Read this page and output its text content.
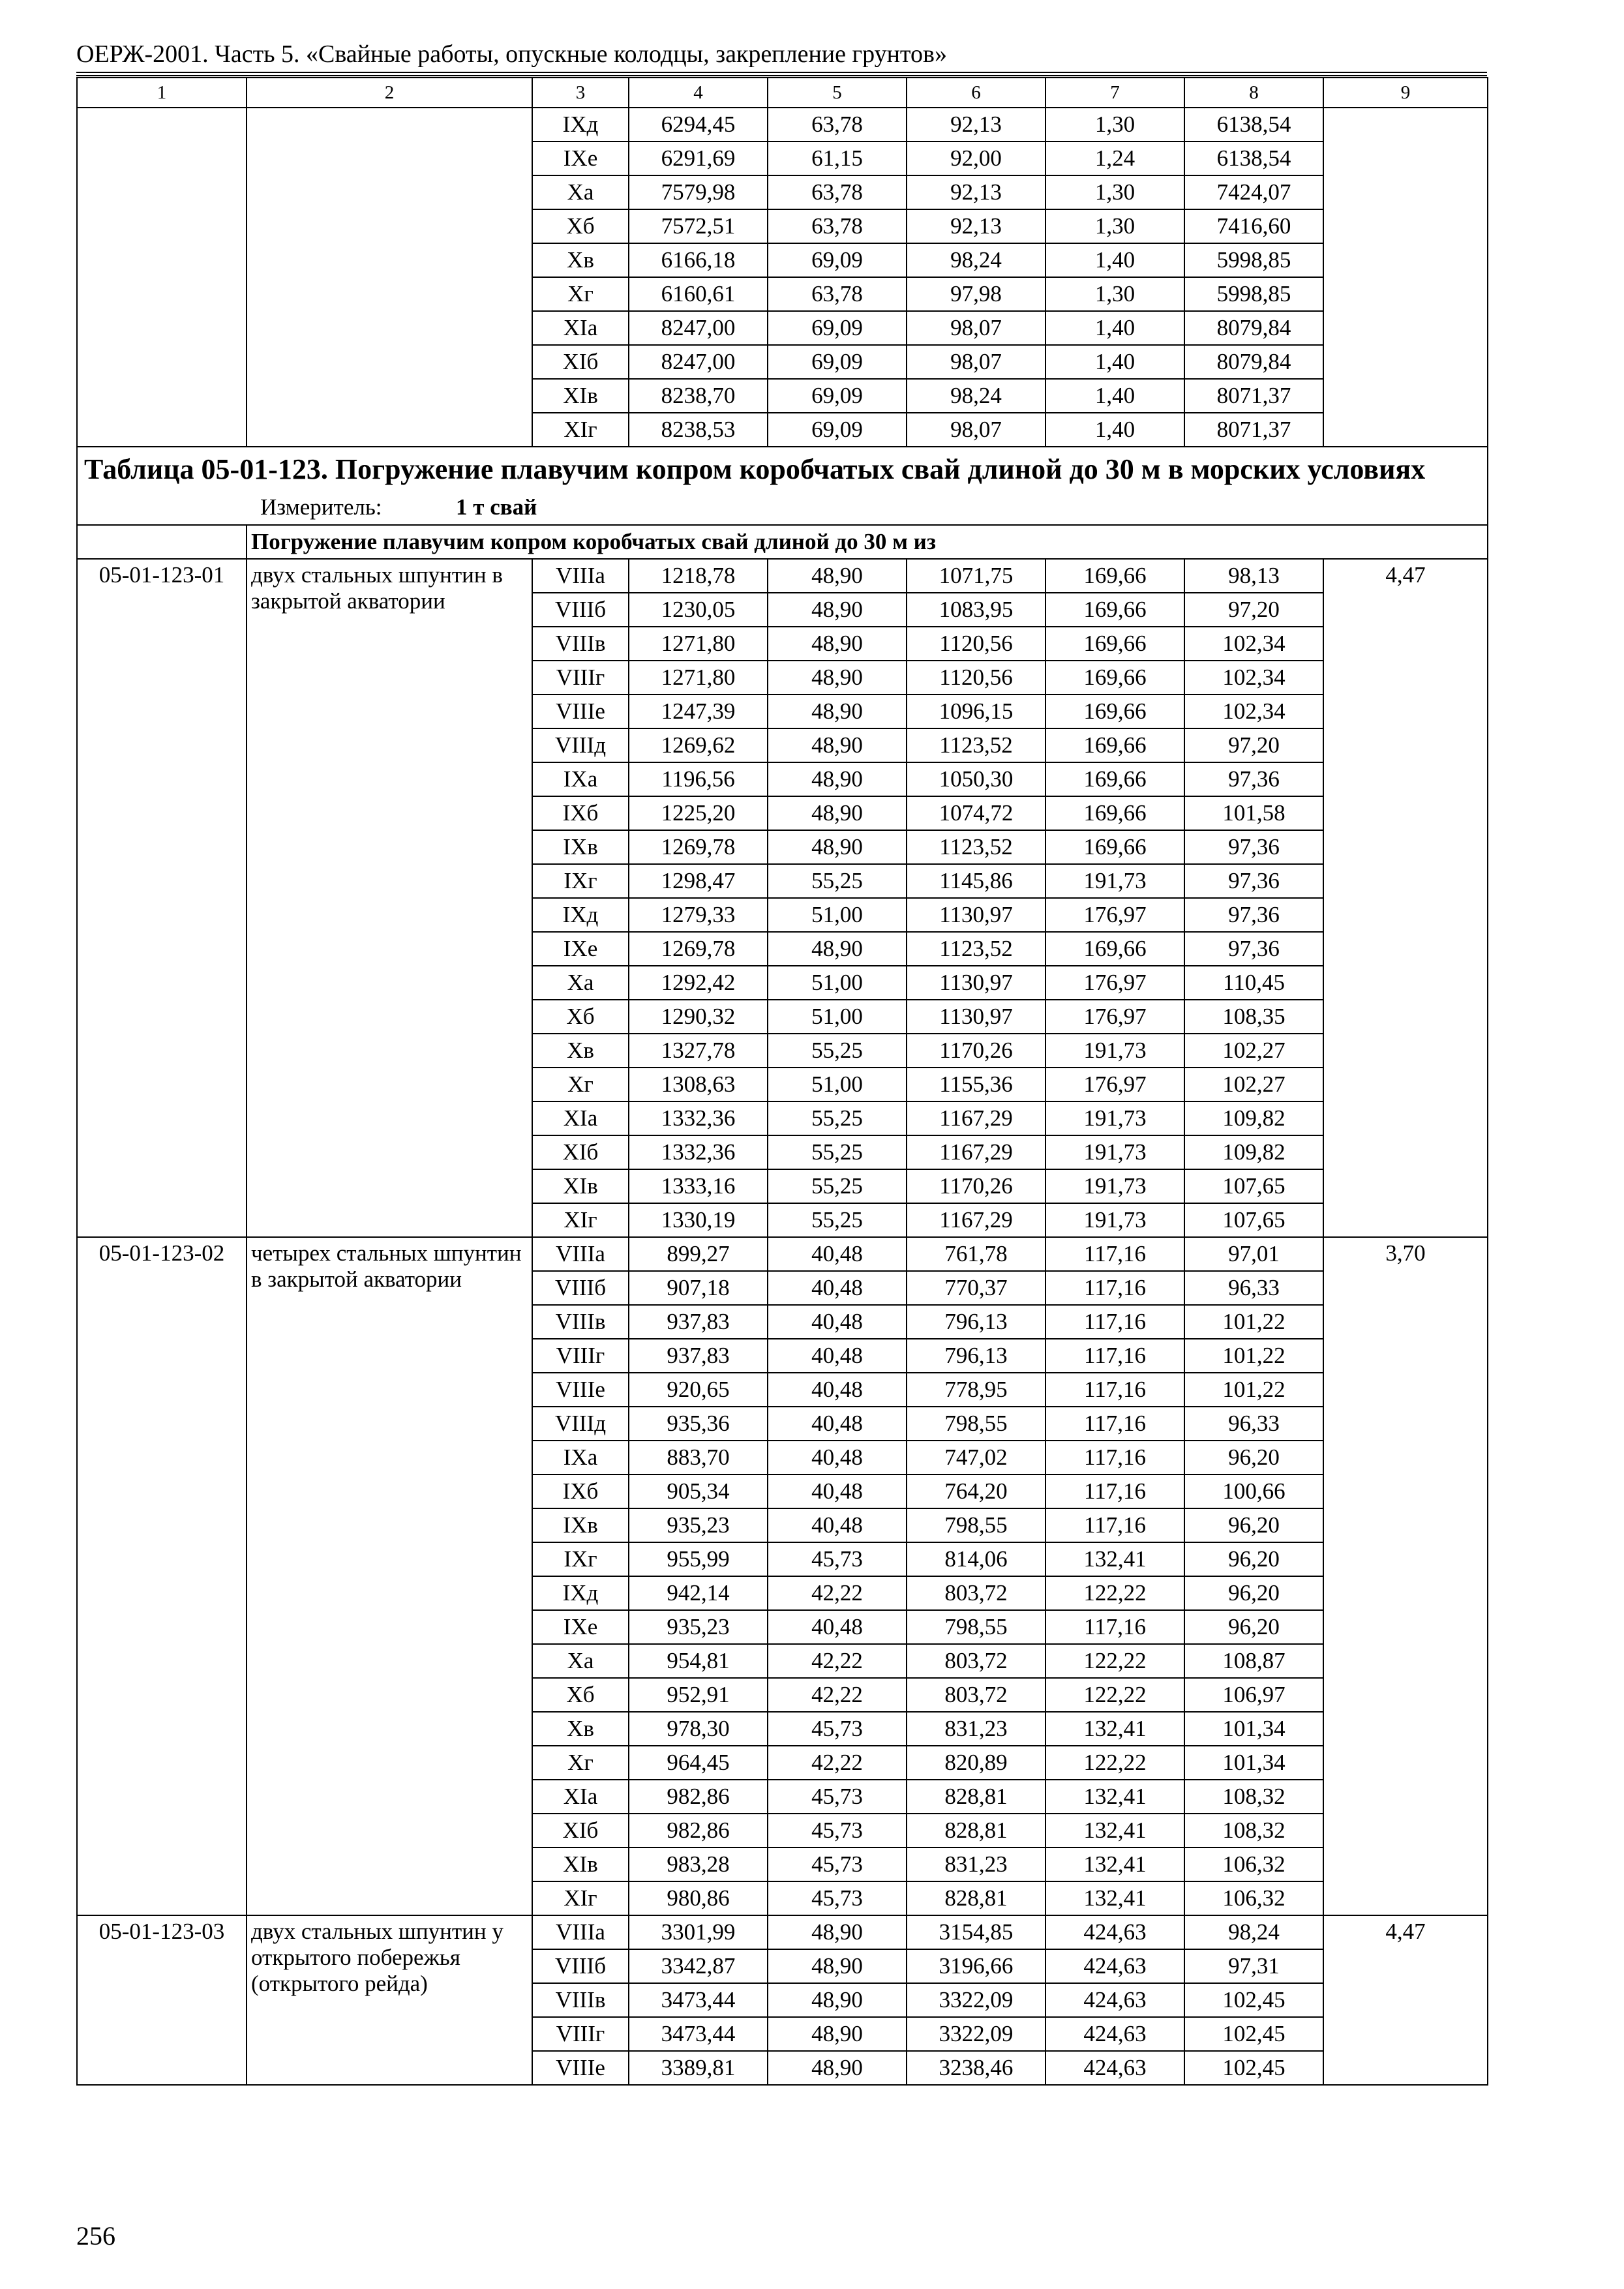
ОЕРЖ-2001. Часть 5. «Свайные работы, опускные колодцы, закрепление грунтов»
1	2	3	4	5	6	7	8	9
		IXд	6294,45	63,78	92,13	1,30	6138,54	
		IXe	6291,69	61,15	92,00	1,24	6138,54	
		Xa	7579,98	63,78	92,13	1,30	7424,07	
		Xб	7572,51	63,78	92,13	1,30	7416,60	
		Xв	6166,18	69,09	98,24	1,40	5998,85	
		Xг	6160,61	63,78	97,98	1,30	5998,85	
		XIa	8247,00	69,09	98,07	1,40	8079,84	
		XIб	8247,00	69,09	98,07	1,40	8079,84	
		XIв	8238,70	69,09	98,24	1,40	8071,37	
		XIг	8238,53	69,09	98,07	1,40	8071,37	

Таблица 05-01-123. Погружение плавучим копром коробчатых свай длиной до 30 м в морских условиях
Измеритель: 1 т свай								

	Погружение плавучим копром коробчатых свай длиной до 30 м из							
05-01-123-01	двух стальных шпунтин в закрытой акватории	VIIIa	1218,78	48,90	1071,75	169,66	98,13	4,47
		VIIIб	1230,05	48,90	1083,95	169,66	97,20	
		VIIIв	1271,80	48,90	1120,56	169,66	102,34	
		VIIIг	1271,80	48,90	1120,56	169,66	102,34	
		VIIIe	1247,39	48,90	1096,15	169,66	102,34	
		VIIIд	1269,62	48,90	1123,52	169,66	97,20	
		IXa	1196,56	48,90	1050,30	169,66	97,36	
		IXб	1225,20	48,90	1074,72	169,66	101,58	
		IXв	1269,78	48,90	1123,52	169,66	97,36	
		IXг	1298,47	55,25	1145,86	191,73	97,36	
		IXд	1279,33	51,00	1130,97	176,97	97,36	
		IXe	1269,78	48,90	1123,52	169,66	97,36	
		Xa	1292,42	51,00	1130,97	176,97	110,45	
		Xб	1290,32	51,00	1130,97	176,97	108,35	
		Xв	1327,78	55,25	1170,26	191,73	102,27	
		Xг	1308,63	51,00	1155,36	176,97	102,27	
		XIa	1332,36	55,25	1167,29	191,73	109,82	
		XIб	1332,36	55,25	1167,29	191,73	109,82	
		XIв	1333,16	55,25	1170,26	191,73	107,65	
		XIг	1330,19	55,25	1167,29	191,73	107,65	
05-01-123-02	четырех стальных шпунтин в закрытой акватории	VIIIa	899,27	40,48	761,78	117,16	97,01	3,70
		VIIIб	907,18	40,48	770,37	117,16	96,33	
		VIIIв	937,83	40,48	796,13	117,16	101,22	
		VIIIг	937,83	40,48	796,13	117,16	101,22	
		VIIIe	920,65	40,48	778,95	117,16	101,22	
		VIIIд	935,36	40,48	798,55	117,16	96,33	
		IXa	883,70	40,48	747,02	117,16	96,20	
		IXб	905,34	40,48	764,20	117,16	100,66	
		IXв	935,23	40,48	798,55	117,16	96,20	
		IXг	955,99	45,73	814,06	132,41	96,20	
		IXд	942,14	42,22	803,72	122,22	96,20	
		IXe	935,23	40,48	798,55	117,16	96,20	
		Xa	954,81	42,22	803,72	122,22	108,87	
		Xб	952,91	42,22	803,72	122,22	106,97	
		Xв	978,30	45,73	831,23	132,41	101,34	
		Xг	964,45	42,22	820,89	122,22	101,34	
		XIa	982,86	45,73	828,81	132,41	108,32	
		XIб	982,86	45,73	828,81	132,41	108,32	
		XIв	983,28	45,73	831,23	132,41	106,32	
		XIг	980,86	45,73	828,81	132,41	106,32	
05-01-123-03	двух стальных шпунтин у открытого побережья (открытого рейда)	VIIIa	3301,99	48,90	3154,85	424,63	98,24	4,47
		VIIIб	3342,87	48,90	3196,66	424,63	97,31	
		VIIIв	3473,44	48,90	3322,09	424,63	102,45	
		VIIIг	3473,44	48,90	3322,09	424,63	102,45	
		VIIIe	3389,81	48,90	3238,46	424,63	102,45	
256
